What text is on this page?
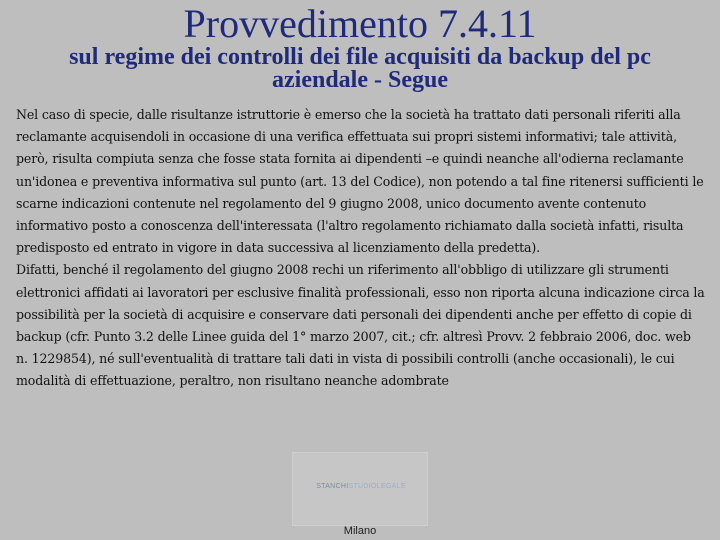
Provvedimento 7.4.11
sul regime dei controlli dei file acquisiti da backup del pc aziendale - Segue

Nel caso di specie, dalle risultanze istruttorie è emerso che la società ha trattato dati personali riferiti alla reclamante acquisendoli in occasione di una verifica effettuata sui propri sistemi informativi; tale attività, però, risulta compiuta senza che fosse stata fornita ai dipendenti –e quindi neanche all'odierna reclamante un'idonea e preventiva informativa sul punto (art. 13 del Codice), non potendo a tal fine ritenersi sufficienti le scarne indicazioni contenute nel regolamento del 9 giugno 2008, unico documento avente contenuto informativo posto a conoscenza dell'interessata (l'altro regolamento richiamato dalla società infatti, risulta predisposto ed entrato in vigore in data successiva al licenziamento della predetta).

Difatti, benché il regolamento del giugno 2008 rechi un riferimento all'obbligo di utilizzare gli strumenti elettronici affidati ai lavoratori per esclusive finalità professionali, esso non riporta alcuna indicazione circa la possibilità per la società di acquisire e conservare dati personali dei dipendenti anche per effetto di copie di backup (cfr. Punto 3.2 delle Linee guida del 1° marzo 2007, cit.; cfr. altresì Provv. 2 febbraio 2006, doc. web n. 1229854), né sull'eventualità di trattare tali dati in vista di possibili controlli (anche occasionali), le cui modalità di effettuazione, peraltro, non risultano neanche adombrate

STANCHISTUDIOLEGALE
Milano
